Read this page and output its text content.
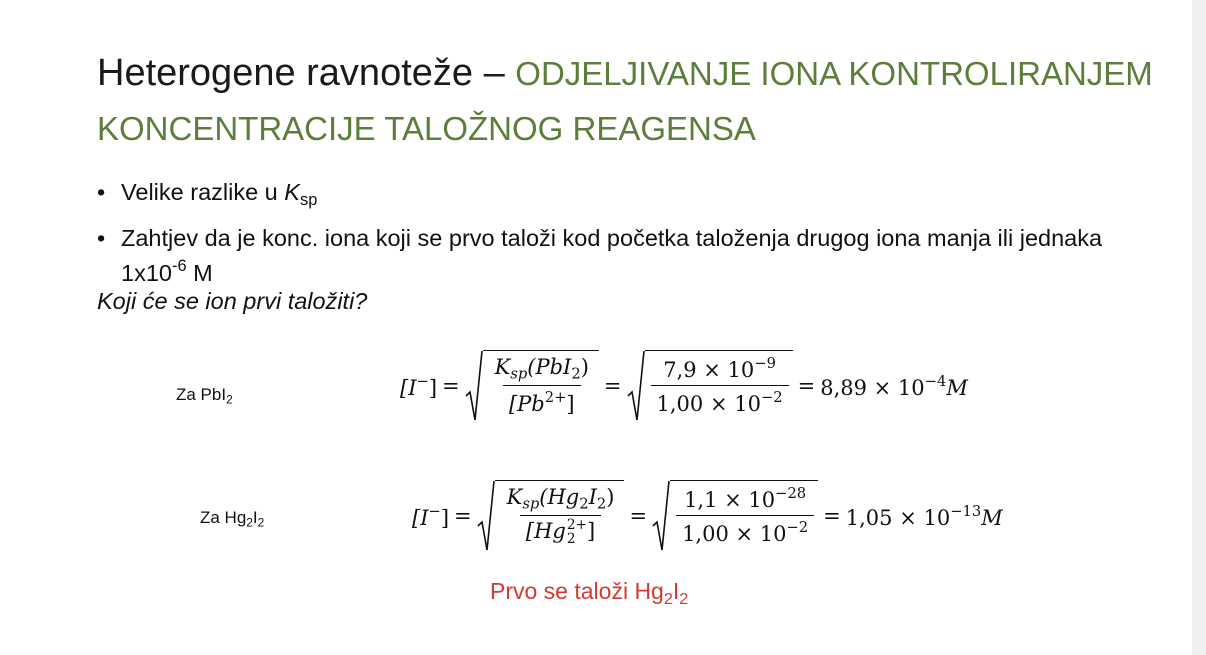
Heterogene ravnoteže – ODJELJIVANJE IONA KONTROLIRANJEM KONCENTRACIJE TALOŽNOG REAGENSA
• Velike razlike u $K_{sp}$
• Zahtjev da je konc. iona koji se prvo taloži kod početka taloženja drugog iona manja ili jednaka $1x10^{-6}$ M
Koji će se ion prvi taložiti?
Za PbI$_2$
$[I^-] = \frac{K_{sp}(PbI_2)}{[Pb^{2+}]} = \frac{7,9 \times 10^{-9}}{1,00 \times 10^{-2}} = 8,89 \times 10^{-4}M$
Za $Hg_2I_2$	$[I^-] = K_{sp}(Hg_2I_2)$
[Hg 2+
2 ] = $\frac{1,1 \times 10^{-28}}{1,00 \times 10^{-2}} = 1,05 \times 10^{-13}M$
Prvo se taloži $Hg_2I_2$
